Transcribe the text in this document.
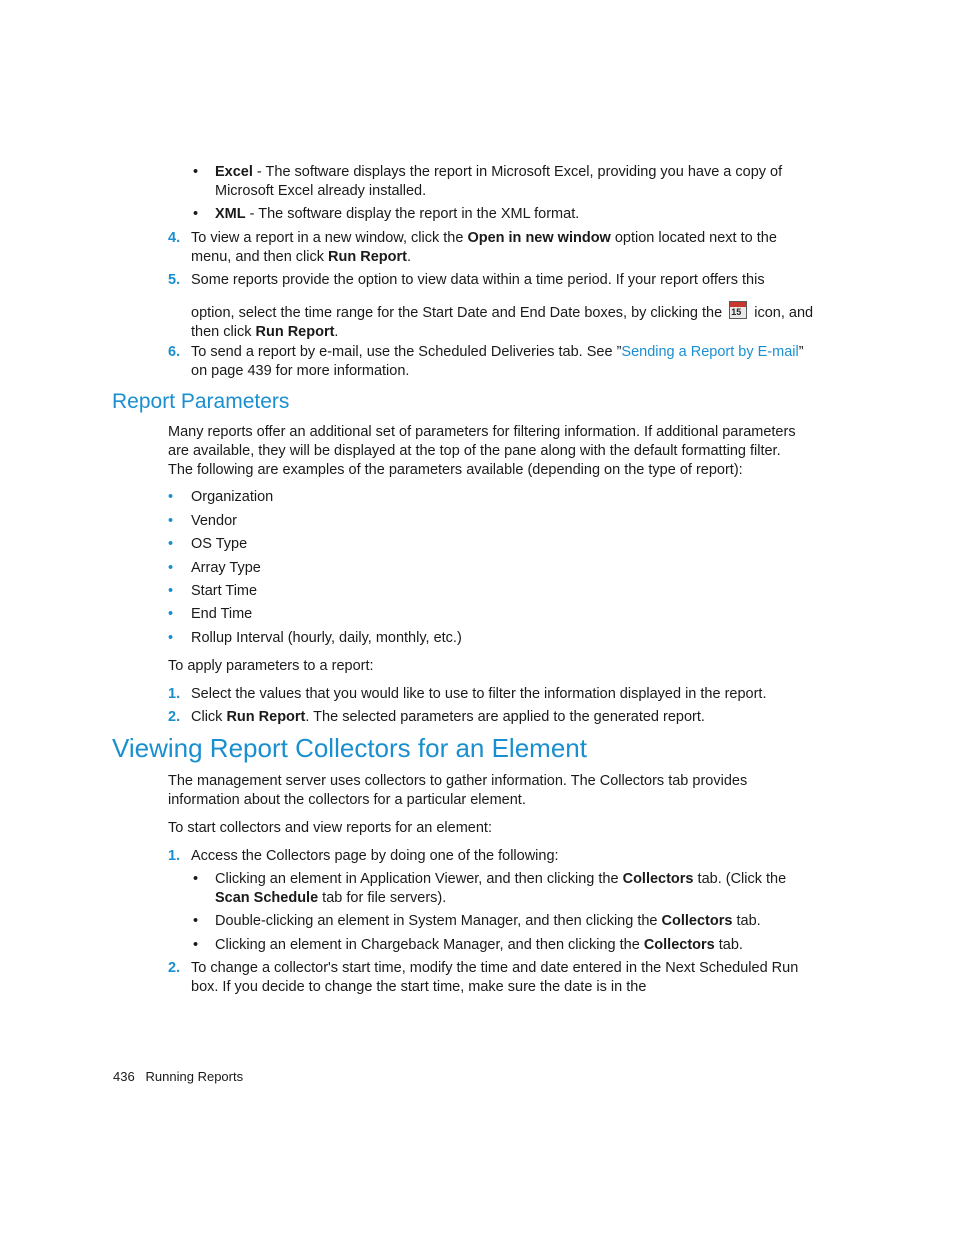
• Excel - The software displays the report in Microsoft Excel, providing you have a copy of
Microsoft Excel already installed.
• XML - The software display the report in the XML format.
4. To view a report in a new window, click the Open in new window option located next to the
menu, and then click Run Report.
5. Some reports provide the option to view data within a time period. If your report offers this
option, select the time range for the Start Date and End Date boxes, by clicking the 15 icon, and
then click Run Report.
6. To send a report by e-mail, use the Scheduled Deliveries tab. See ”Sending a Report by E-mail”
on page 439 for more information.
Report Parameters
Many reports offer an additional set of parameters for filtering information. If additional parameters
are available, they will be displayed at the top of the pane along with the default formatting filter.
The following are examples of the parameters available (depending on the type of report):
• Organization
• Vendor
• OS Type
• Array Type
• Start Time
• End Time
• Rollup Interval (hourly, daily, monthly, etc.)
To apply parameters to a report:
1. Select the values that you would like to use to filter the information displayed in the report.
2. Click Run Report. The selected parameters are applied to the generated report.
Viewing Report Collectors for an Element
The management server uses collectors to gather information. The Collectors tab provides
information about the collectors for a particular element.
To start collectors and view reports for an element:
1. Access the Collectors page by doing one of the following:
• Clicking an element in Application Viewer, and then clicking the Collectors tab. (Click the
Scan Schedule tab for file servers).
• Double-clicking an element in System Manager, and then clicking the Collectors tab.
• Clicking an element in Chargeback Manager, and then clicking the Collectors tab.
2. To change a collector's start time, modify the time and date entered in the Next Scheduled Run
box. If you decide to change the start time, make sure the date is in the
436 Running Reports
